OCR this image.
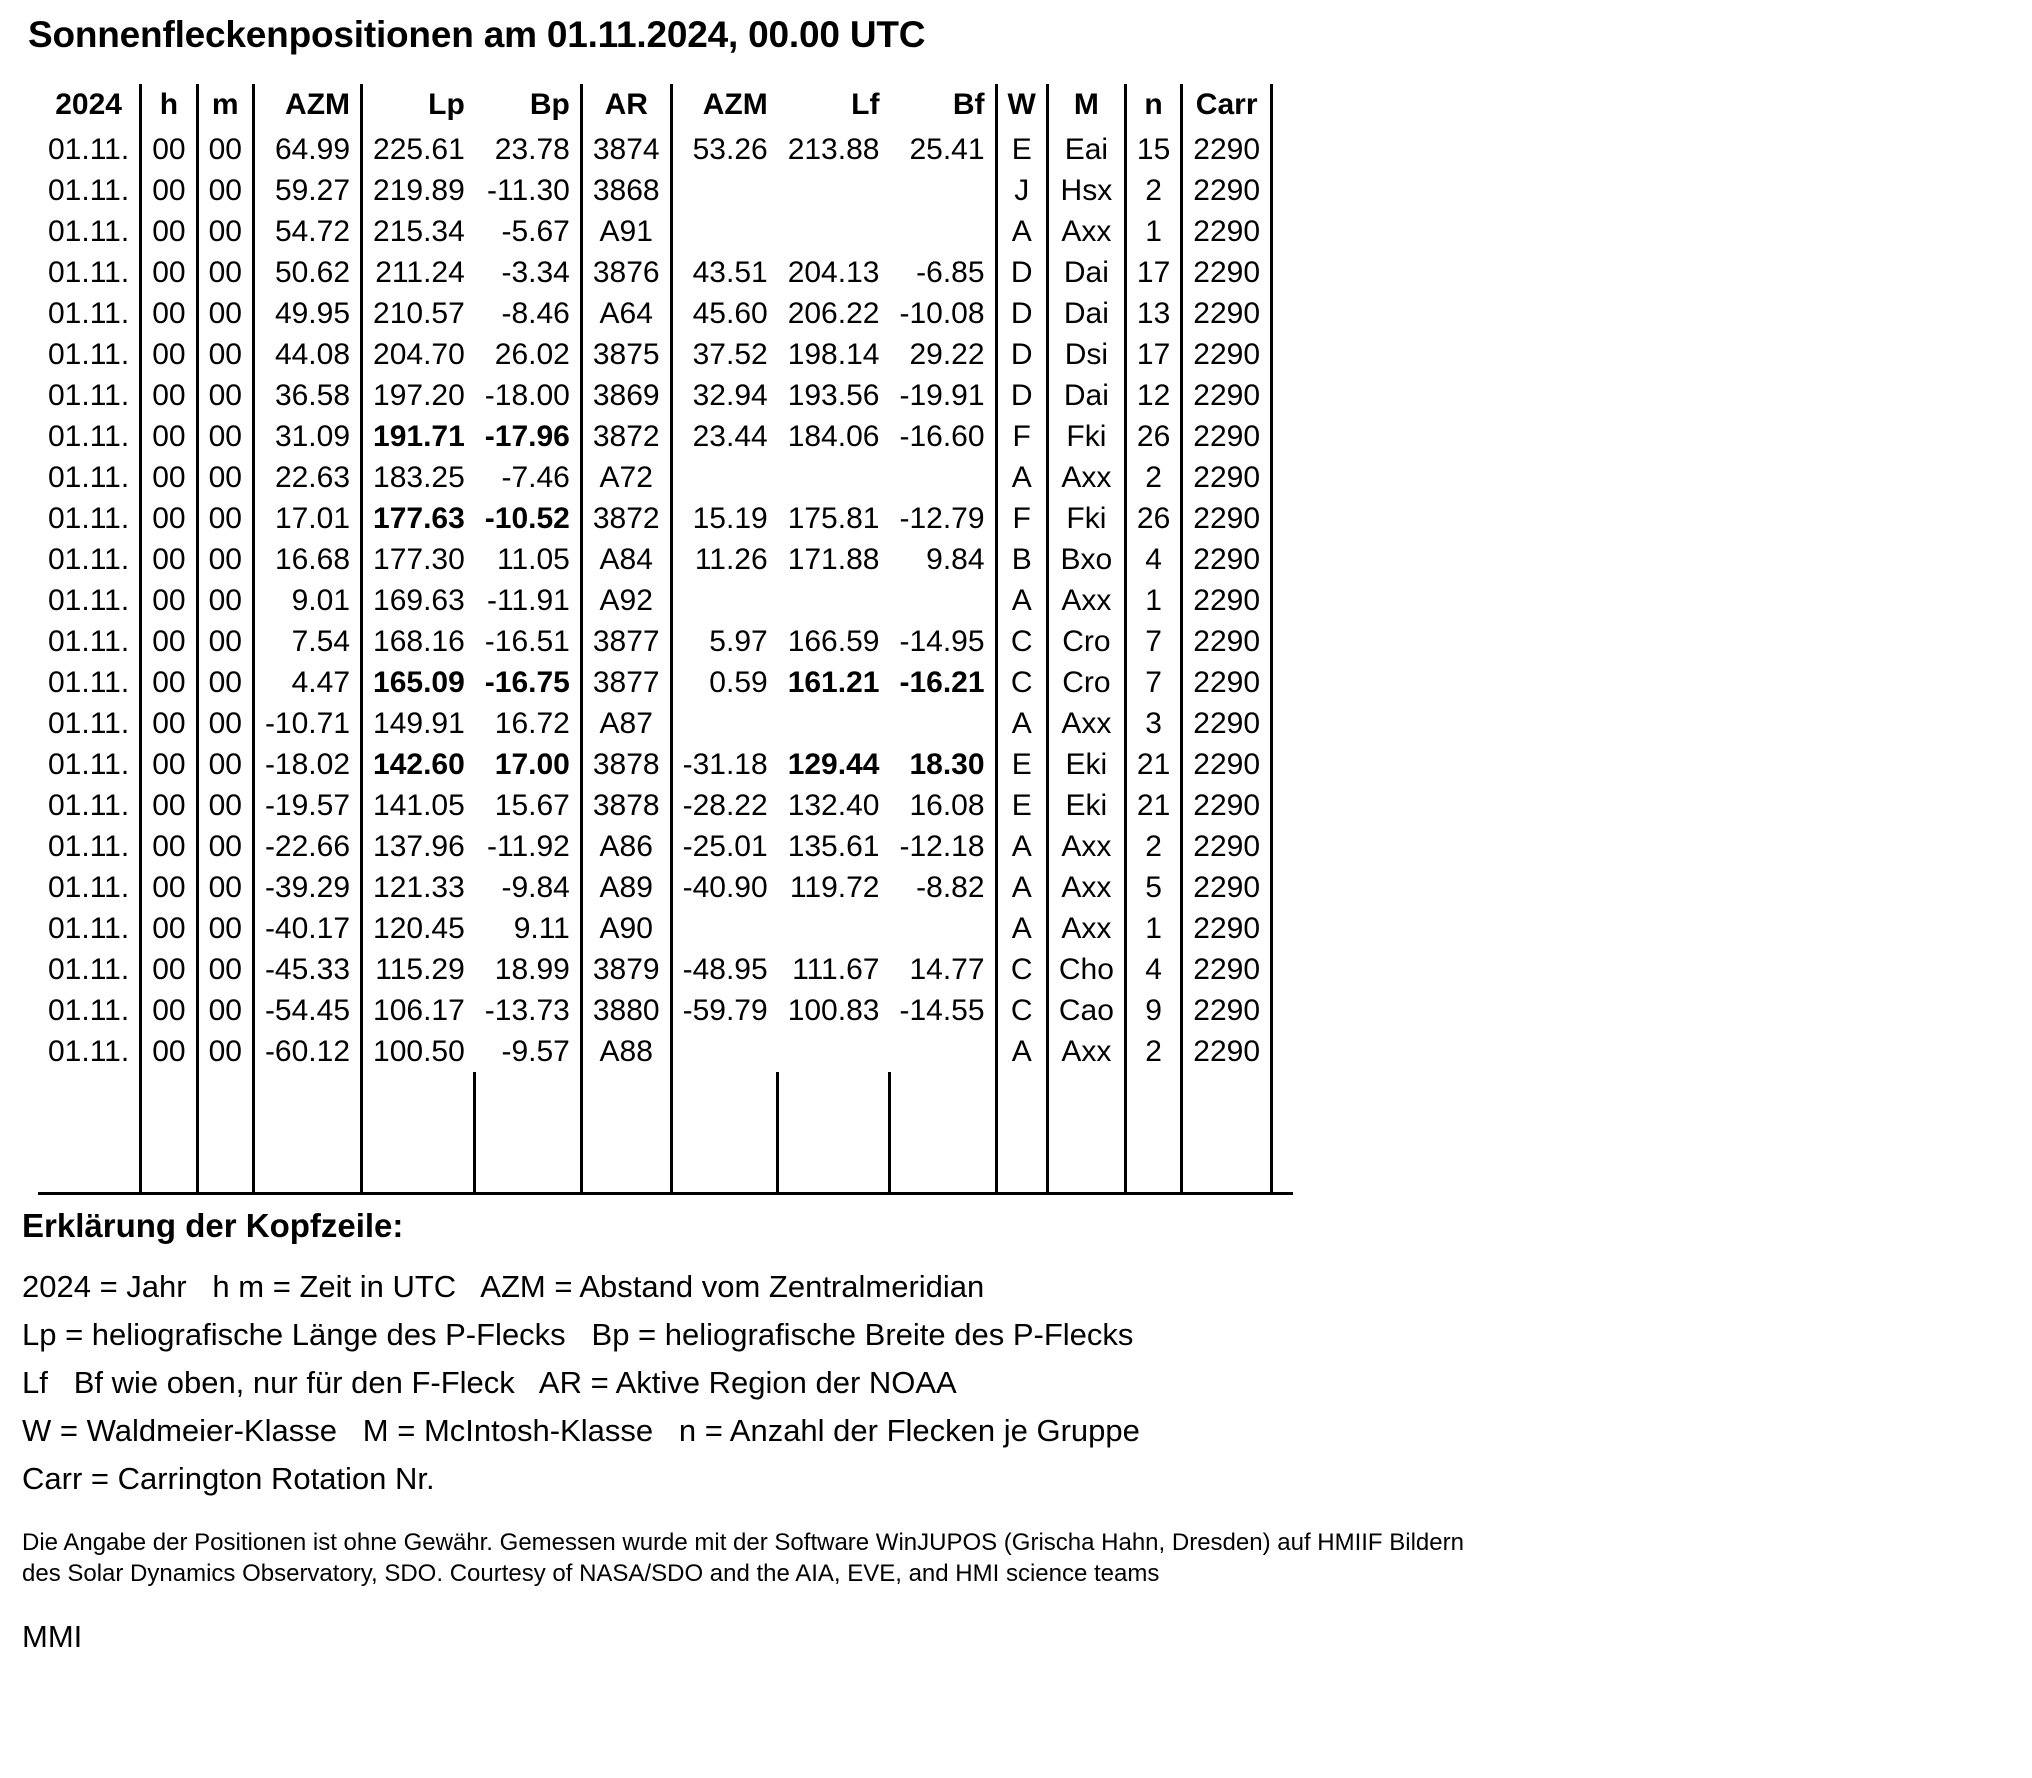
Sonnenfleckenpositionen am 01.11.2024, 00.00 UTC
2024	h	m	AZM	Lp	Bp	AR	AZM	Lf	Bf	W	M	n	Carr	
01.11.	00	00	64.99	225.61	23.78	3874	53.26	213.88	25.41	E	Eai	15	2290	
01.11.	00	00	59.27	219.89	-11.30	3868				J	Hsx	2	2290	
01.11.	00	00	54.72	215.34	-5.67	A91				A	Axx	1	2290	
01.11.	00	00	50.62	211.24	-3.34	3876	43.51	204.13	-6.85	D	Dai	17	2290	
01.11.	00	00	49.95	210.57	-8.46	A64	45.60	206.22	-10.08	D	Dai	13	2290	
01.11.	00	00	44.08	204.70	26.02	3875	37.52	198.14	29.22	D	Dsi	17	2290	
01.11.	00	00	36.58	197.20	-18.00	3869	32.94	193.56	-19.91	D	Dai	12	2290	
01.11.	00	00	31.09	191.71	-17.96	3872	23.44	184.06	-16.60	F	Fki	26	2290	
01.11.	00	00	22.63	183.25	-7.46	A72				A	Axx	2	2290	
01.11.	00	00	17.01	177.63	-10.52	3872	15.19	175.81	-12.79	F	Fki	26	2290	
01.11.	00	00	16.68	177.30	11.05	A84	11.26	171.88	9.84	B	Bxo	4	2290	
01.11.	00	00	9.01	169.63	-11.91	A92				A	Axx	1	2290	
01.11.	00	00	7.54	168.16	-16.51	3877	5.97	166.59	-14.95	C	Cro	7	2290	
01.11.	00	00	4.47	165.09	-16.75	3877	0.59	161.21	-16.21	C	Cro	7	2290	
01.11.	00	00	-10.71	149.91	16.72	A87				A	Axx	3	2290	
01.11.	00	00	-18.02	142.60	17.00	3878	-31.18	129.44	18.30	E	Eki	21	2290	
01.11.	00	00	-19.57	141.05	15.67	3878	-28.22	132.40	16.08	E	Eki	21	2290	
01.11.	00	00	-22.66	137.96	-11.92	A86	-25.01	135.61	-12.18	A	Axx	2	2290	
01.11.	00	00	-39.29	121.33	-9.84	A89	-40.90	119.72	-8.82	A	Axx	5	2290	
01.11.	00	00	-40.17	120.45	9.11	A90				A	Axx	1	2290	
01.11.	00	00	-45.33	115.29	18.99	3879	-48.95	111.67	14.77	C	Cho	4	2290	
01.11.	00	00	-54.45	106.17	-13.73	3880	-59.79	100.83	-14.55	C	Cao	9	2290	
01.11.	00	00	-60.12	100.50	-9.57	A88				A	Axx	2	2290	

Erklärung der Kopfzeile:
2024 = Jahr   h m = Zeit in UTC   AZM = Abstand vom Zentralmeridian
Lp = heliografische Länge des P-Flecks   Bp = heliografische Breite des P-Flecks
Lf   Bf wie oben, nur für den F-Fleck   AR = Aktive Region der NOAA
W = Waldmeier-Klasse   M = McIntosh-Klasse   n = Anzahl der Flecken je Gruppe
Carr = Carrington Rotation Nr.
Die Angabe der Positionen ist ohne Gewähr. Gemessen wurde mit der Software WinJUPOS (Grischa Hahn, Dresden) auf HMIIF Bildern
des Solar Dynamics Observatory, SDO. Courtesy of NASA/SDO and the AIA, EVE, and HMI science teams
MMI
